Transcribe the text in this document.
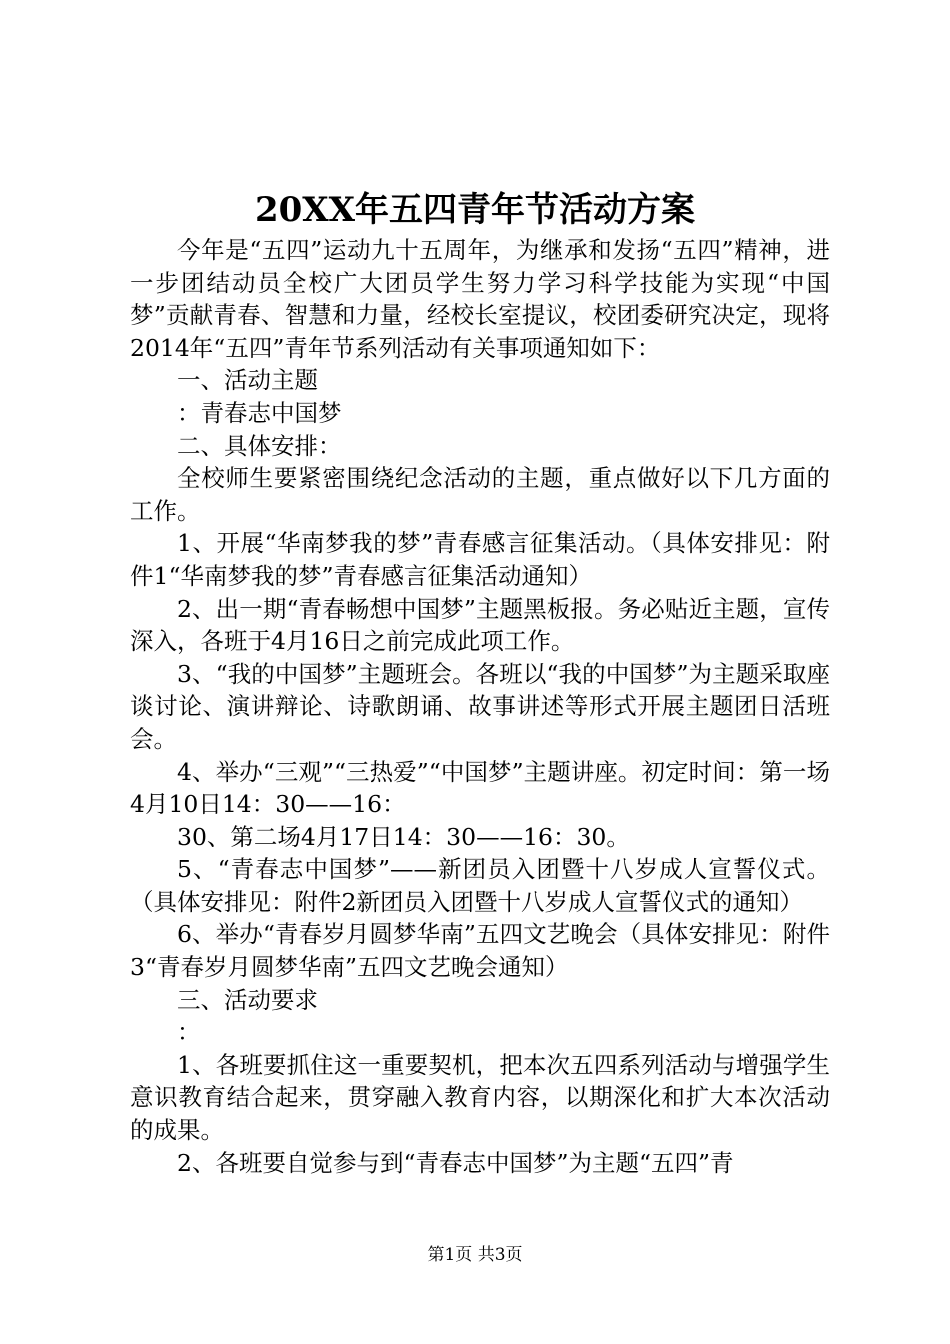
20XX年五四青年节活动方案

今年是“五四”运动九十五周年，为继承和发扬“五四”精神，进一步团结动员全校广大团员学生努力学习科学技能为实现“中国梦”贡献青春、智慧和力量，经校长室提议，校团委研究决定，现将2014年“五四”青年节系列活动有关事项通知如下：

一、活动主题

：青春志中国梦

二、具体安排：

全校师生要紧密围绕纪念活动的主题，重点做好以下几方面的工作。

1、开展“华南梦我的梦”青春感言征集活动。（具体安排见：附件1“华南梦我的梦”青春感言征集活动通知）

2、出一期“青春畅想中国梦”主题黑板报。务必贴近主题，宣传深入，各班于4月16日之前完成此项工作。

3、“我的中国梦”主题班会。各班以“我的中国梦”为主题采取座谈讨论、演讲辩论、诗歌朗诵、故事讲述等形式开展主题团日活班会。

4、举办“三观”“三热爱”“中国梦”主题讲座。初定时间：第一场4月10日14：30——16：

30、第二场4月17日14：30——16：30。

5、“青春志中国梦”——新团员入团暨十八岁成人宣誓仪式。（具体安排见：附件2新团员入团暨十八岁成人宣誓仪式的通知）

6、举办“青春岁月圆梦华南”五四文艺晚会（具体安排见：附件3“青春岁月圆梦华南”五四文艺晚会通知）

三、活动要求

：

1、各班要抓住这一重要契机，把本次五四系列活动与增强学生意识教育结合起来，贯穿融入教育内容，以期深化和扩大本次活动的成果。

2、各班要自觉参与到“青春志中国梦”为主题“五四”青

第1页 共3页
